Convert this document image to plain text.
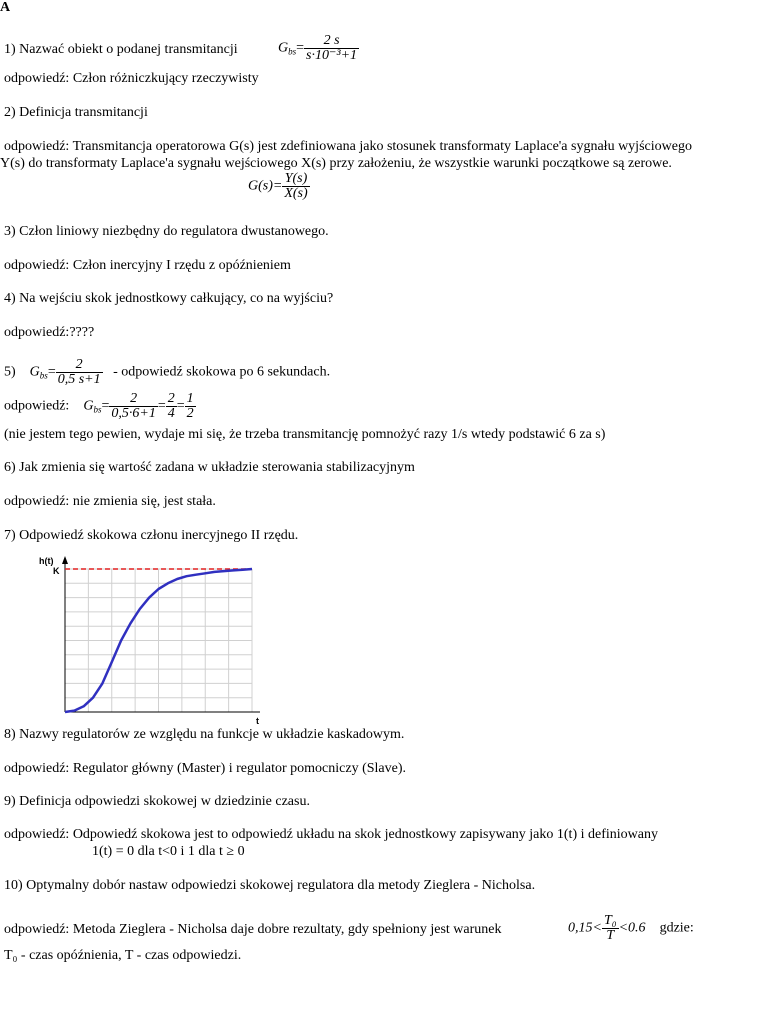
A
1) Nazwać obiekt o podanej transmitancji	$G_{bs}= \frac{2 s}{\text{s·10⁻³+1}}$
odpowiedź: Człon różniczkujący rzeczywisty
2) Definicja transmitancji
odpowiedź: Transmitancja operatorowa G(s) jest zdefiniowana jako stosunek transformaty Laplace'a sygnału wyjściowego
Y(s) do transformaty Laplace'a sygnału wejściowego X(s) przy założeniu, że wszystkie warunki początkowe są zerowe.
$G(s)= \frac{Y(s)}{X(s)}$
3) Człon liniowy niezbędny do regulatora dwustanowego.
odpowiedź: Człon inercyjny I rzędu z opóźnieniem
4) Na wejściu skok jednostkowy całkujący, co na wyjściu?
odpowiedź:????
5) $G_{bs}= \frac{2}{0,5 s+1}$ - odpowiedź skokowa po 6 sekundach.
odpowiedź: $G_{bs}= \frac{2}{0,5\cdot 6+1} = \frac{2}{4} = \frac{1}{2}$
(nie jestem tego pewien, wydaje mi się, że trzeba transmitancję pomnożyć razy 1/s wtedy podstawić 6 za s)
6) Jak zmienia się wartość zadana w układzie sterowania stabilizacyjnym
odpowiedź: nie zmienia się, jest stała.
7) Odpowiedź skokowa członu inercyjnego II rzędu.
h(t)
K
t
8) Nazwy regulatorów ze względu na funkcje w układzie kaskadowym.
odpowiedź: Regulator główny (Master) i regulator pomocniczy (Slave).
9) Definicja odpowiedzi skokowej w dziedzinie czasu.
odpowiedź: Odpowiedź skokowa jest to odpowiedź układu na skok jednostkowy zapisywany jako 1(t) i definiowany
1(t) = 0 dla t<0 i 1 dla t ≥ 0
10) Optymalny dobór nastaw odpowiedzi skokowej regulatora dla metody Zieglera - Nicholsa.
odpowiedź: Metoda Zieglera - Nicholsa daje dobre rezultaty, gdy spełniony jest warunek	$0,15< \frac{\text{T₀}}{T} <0.6$ gdzie:
T₀ - czas opóźnienia, T - czas odpowiedzi.
